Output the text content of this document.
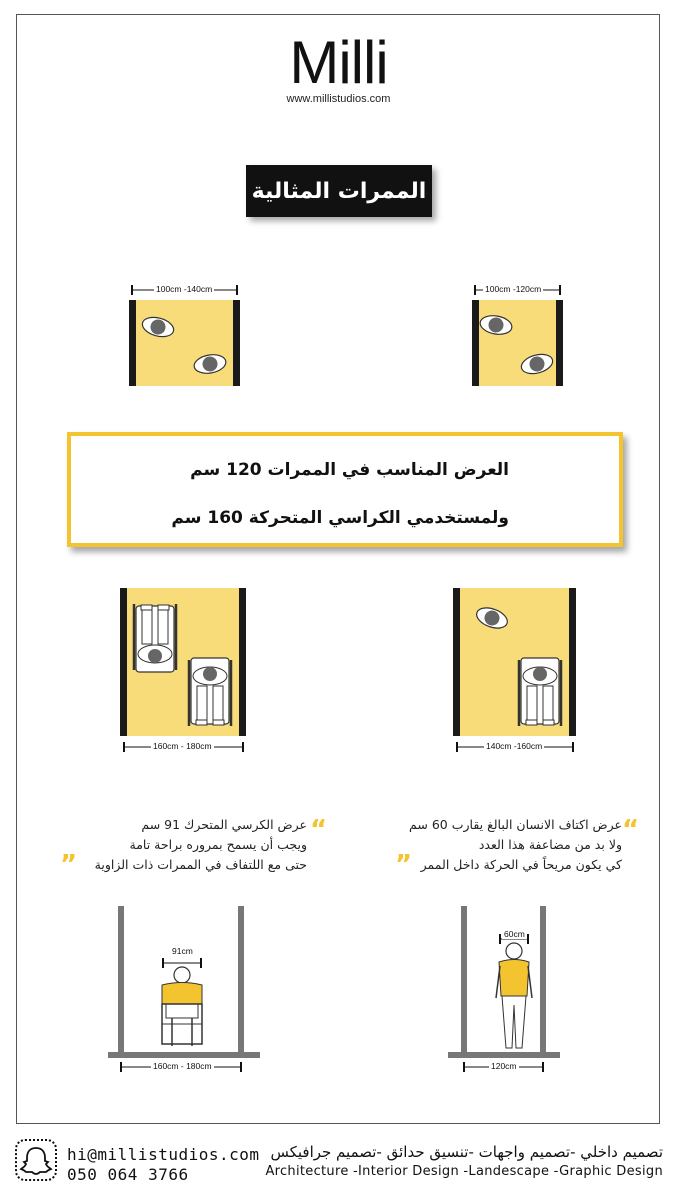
Milli
www.millistudios.com
الممرات المثالية
100cm -140cm	100cm -120cm
160cm - 180cm	140cm -160cm
91cm
160cm - 180cm
60cm
120cm
العرض المناسب في الممرات 120 سم
ولمستخدمي الكراسي المتحركة 160 سم
عرض الكرسي المتحرك 91 سم
ويجب أن يسمح بمروره براحة تامة
حتى مع اللتفاف في الممرات ذات الزاوية
“
”
عرض اكتاف الانسان البالغ يقارب 60 سم
ولا بد من مضاعفة هذا العدد
كي يكون مريحاً في الحركة داخل الممر
“
”
hi@millistudios.com
050 064 3766
تصميم داخلي -تصميم واجهات -تنسيق حدائق -تصميم جرافيكس
Architecture -Interior Design -Landescape -Graphic Design
